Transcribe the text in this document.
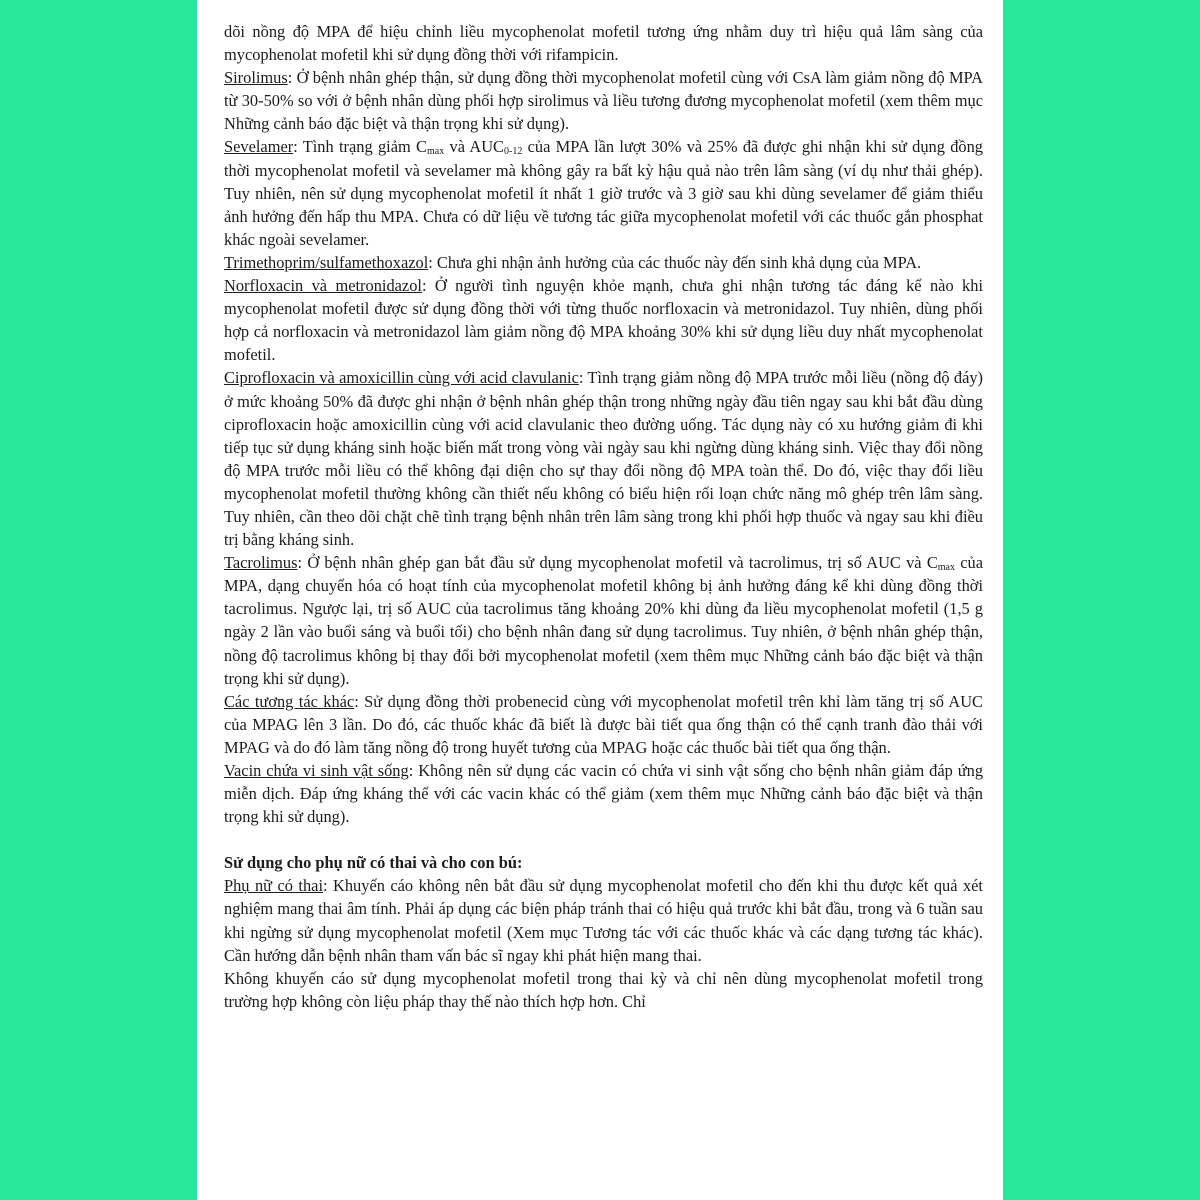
dõi nồng độ MPA để hiệu chỉnh liều mycophenolat mofetil tương ứng nhằm duy trì hiệu quả lâm sàng của mycophenolat mofetil khi sử dụng đồng thời với rifampicin.

Sirolimus: Ở bệnh nhân ghép thận, sử dụng đồng thời mycophenolat mofetil cùng với CsA làm giảm nồng độ MPA từ 30-50% so với ở bệnh nhân dùng phối hợp sirolimus và liều tương đương mycophenolat mofetil (xem thêm mục Những cảnh báo đặc biệt và thận trọng khi sử dụng).

Sevelamer: Tình trạng giảm $C_{max}$ và $AUC_{0-12}$ của MPA lần lượt 30% và 25% đã được ghi nhận khi sử dụng đồng thời mycophenolat mofetil và sevelamer mà không gây ra bất kỳ hậu quả nào trên lâm sàng (ví dụ như thải ghép). Tuy nhiên, nên sử dụng mycophenolat mofetil ít nhất 1 giờ trước và 3 giờ sau khi dùng sevelamer để giảm thiểu ảnh hưởng đến hấp thu MPA. Chưa có dữ liệu về tương tác giữa mycophenolat mofetil với các thuốc gắn phosphat khác ngoài sevelamer.

Trimethoprim/sulfamethoxazol: Chưa ghi nhận ảnh hưởng của các thuốc này đến sinh khả dụng của MPA.

Norfloxacin và metronidazol: Ở người tình nguyện khỏe mạnh, chưa ghi nhận tương tác đáng kể nào khi mycophenolat mofetil được sử dụng đồng thời với từng thuốc norfloxacin và metronidazol. Tuy nhiên, dùng phối hợp cả norfloxacin và metronidazol làm giảm nồng độ MPA khoảng 30% khi sử dụng liều duy nhất mycophenolat mofetil.

Ciprofloxacin và amoxicillin cùng với acid clavulanic: Tình trạng giảm nồng độ MPA trước mỗi liều (nồng độ đáy) ở mức khoảng 50% đã được ghi nhận ở bệnh nhân ghép thận trong những ngày đầu tiên ngay sau khi bắt đầu dùng ciprofloxacin hoặc amoxicillin cùng với acid clavulanic theo đường uống. Tác dụng này có xu hướng giảm đi khi tiếp tục sử dụng kháng sinh hoặc biến mất trong vòng vài ngày sau khi ngừng dùng kháng sinh. Việc thay đổi nồng độ MPA trước mỗi liều có thể không đại diện cho sự thay đổi nồng độ MPA toàn thể. Do đó, việc thay đổi liều mycophenolat mofetil thường không cần thiết nếu không có biểu hiện rối loạn chức năng mô ghép trên lâm sàng. Tuy nhiên, cần theo dõi chặt chẽ tình trạng bệnh nhân trên lâm sàng trong khi phối hợp thuốc và ngay sau khi điều trị bằng kháng sinh.

Tacrolimus: Ở bệnh nhân ghép gan bắt đầu sử dụng mycophenolat mofetil và tacrolimus, trị số AUC và $C_{max}$ của MPA, dạng chuyển hóa có hoạt tính của mycophenolat mofetil không bị ảnh hưởng đáng kể khi dùng đồng thời tacrolimus. Ngược lại, trị số AUC của tacrolimus tăng khoảng 20% khi dùng đa liều mycophenolat mofetil (1,5 g ngày 2 lần vào buổi sáng và buổi tối) cho bệnh nhân đang sử dụng tacrolimus. Tuy nhiên, ở bệnh nhân ghép thận, nồng độ tacrolimus không bị thay đổi bởi mycophenolat mofetil (xem thêm mục Những cảnh báo đặc biệt và thận trọng khi sử dụng).

Các tương tác khác: Sử dụng đồng thời probenecid cùng với mycophenolat mofetil trên khỉ làm tăng trị số AUC của MPAG lên 3 lần. Do đó, các thuốc khác đã biết là được bài tiết qua ống thận có thể cạnh tranh đào thải với MPAG và do đó làm tăng nồng độ trong huyết tương của MPAG hoặc các thuốc bài tiết qua ống thận.

Vacin chứa vi sinh vật sống: Không nên sử dụng các vacin có chứa vi sinh vật sống cho bệnh nhân giảm đáp ứng miễn dịch. Đáp ứng kháng thể với các vacin khác có thể giảm (xem thêm mục Những cảnh báo đặc biệt và thận trọng khi sử dụng).

Sử dụng cho phụ nữ có thai và cho con bú:

Phụ nữ có thai: Khuyến cáo không nên bắt đầu sử dụng mycophenolat mofetil cho đến khi thu được kết quả xét nghiệm mang thai âm tính. Phải áp dụng các biện pháp tránh thai có hiệu quả trước khi bắt đầu, trong và 6 tuần sau khi ngừng sử dụng mycophenolat mofetil (Xem mục Tương tác với các thuốc khác và các dạng tương tác khác). Cần hướng dẫn bệnh nhân tham vấn bác sĩ ngay khi phát hiện mang thai.

Không khuyến cáo sử dụng mycophenolat mofetil trong thai kỳ và chỉ nên dùng mycophenolat mofetil trong trường hợp không còn liệu pháp thay thế nào thích hợp hơn. Chỉ
